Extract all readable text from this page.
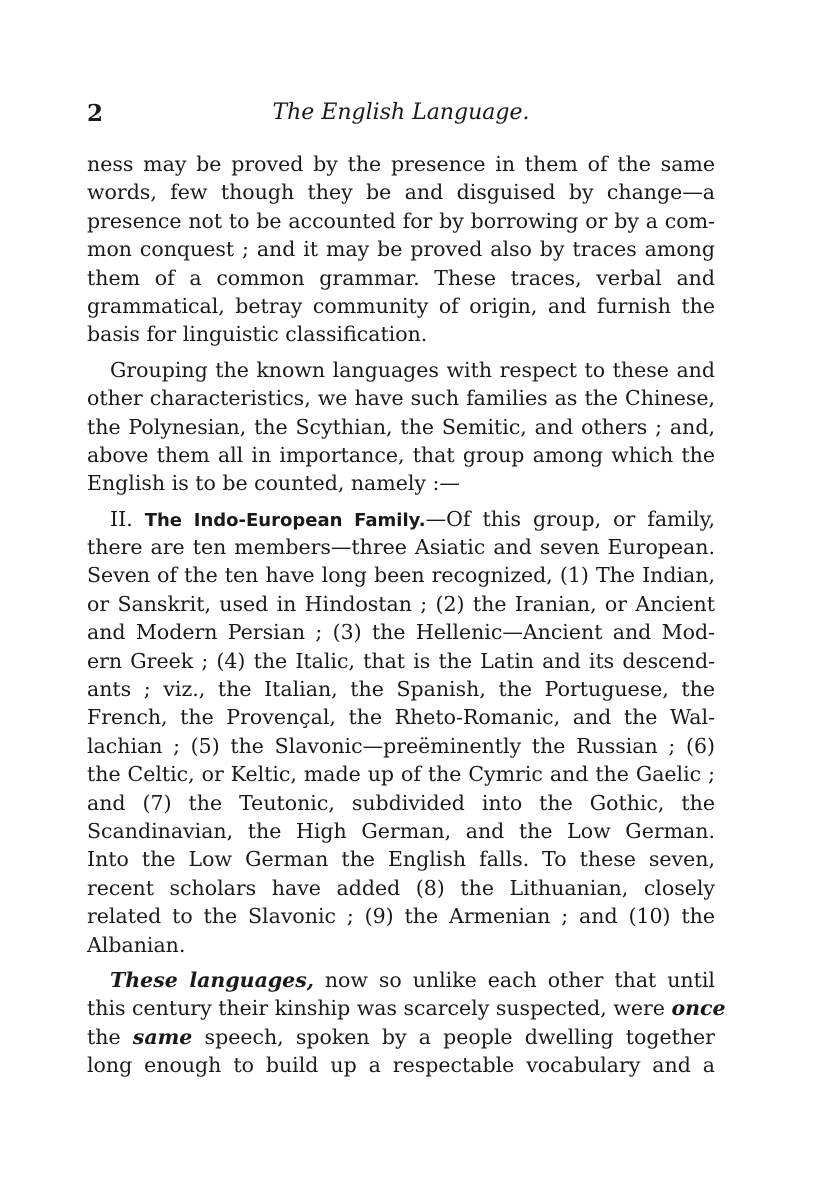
2	The English Language.
ness may be proved by the presence in them of the same
words, few though they be and disguised by change—a
presence not to be accounted for by borrowing or by a com-
mon conquest ; and it may be proved also by traces among
them of a common grammar. These traces, verbal and
grammatical, betray community of origin, and furnish the
basis for linguistic classification.
Grouping the known languages with respect to these and
other characteristics, we have such families as the Chinese,
the Polynesian, the Scythian, the Semitic, and others ; and,
above them all in importance, that group among which the
English is to be counted, namely :—
II. The Indo-European Family.—Of this group, or family,
there are ten members—three Asiatic and seven European.
Seven of the ten have long been recognized, (1) The Indian,
or Sanskrit, used in Hindostan ; (2) the Iranian, or Ancient
and Modern Persian ; (3) the Hellenic—Ancient and Mod-
ern Greek ; (4) the Italic, that is the Latin and its descend-
ants ; viz., the Italian, the Spanish, the Portuguese, the
French, the Provençal, the Rheto-Romanic, and the Wal-
lachian ; (5) the Slavonic—preëminently the Russian ; (6)
the Celtic, or Keltic, made up of the Cymric and the Gaelic ;
and (7) the Teutonic, subdivided into the Gothic, the
Scandinavian, the High German, and the Low German.
Into the Low German the English falls. To these seven,
recent scholars have added (8) the Lithuanian, closely
related to the Slavonic ; (9) the Armenian ; and (10) the
Albanian.
These languages, now so unlike each other that until
this century their kinship was scarcely suspected, were once
the same speech, spoken by a people dwelling together
long enough to build up a respectable vocabulary and a
